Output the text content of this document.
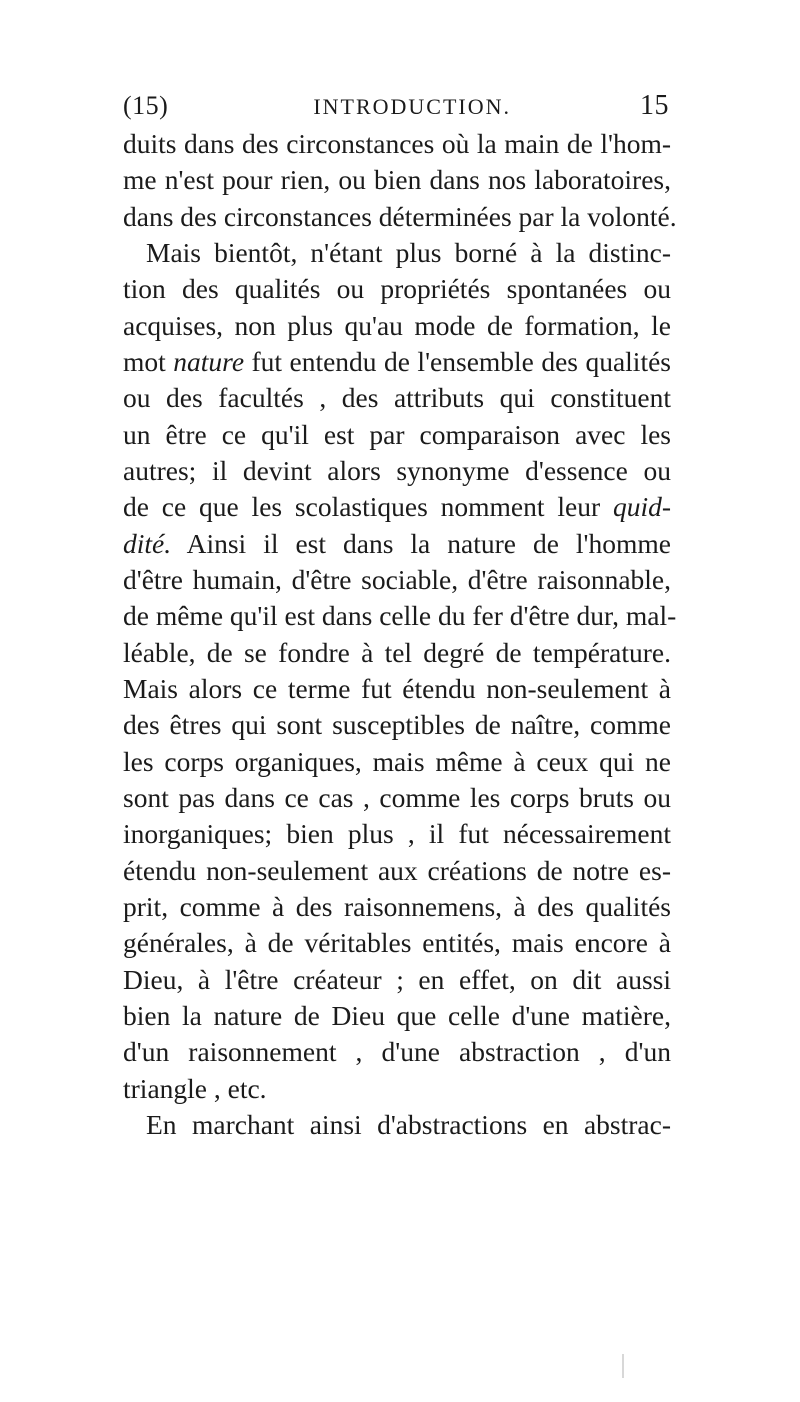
(15)	INTRODUCTION.	15
duits dans des circonstances où la main de l'hom-
me n'est pour rien, ou bien dans nos laboratoires,
dans des circonstances déterminées par la volonté.
Mais bientôt, n'étant plus borné à la distinc-
tion des qualités ou propriétés spontanées ou
acquises, non plus qu'au mode de formation, le
mot nature fut entendu de l'ensemble des qualités
ou des facultés , des attributs qui constituent
un être ce qu'il est par comparaison avec les
autres; il devint alors synonyme d'essence ou
de ce que les scolastiques nomment leur quid-
dité. Ainsi il est dans la nature de l'homme
d'être humain, d'être sociable, d'être raisonnable,
de même qu'il est dans celle du fer d'être dur, mal-
léable, de se fondre à tel degré de température.
Mais alors ce terme fut étendu non-seulement à
des êtres qui sont susceptibles de naître, comme
les corps organiques, mais même à ceux qui ne
sont pas dans ce cas , comme les corps bruts ou
inorganiques; bien plus , il fut nécessairement
étendu non-seulement aux créations de notre es-
prit, comme à des raisonnemens, à des qualités
générales, à de véritables entités, mais encore à
Dieu, à l'être créateur ; en effet, on dit aussi
bien la nature de Dieu que celle d'une matière,
d'un raisonnement , d'une abstraction , d'un
triangle , etc.
En marchant ainsi d'abstractions en abstrac-
